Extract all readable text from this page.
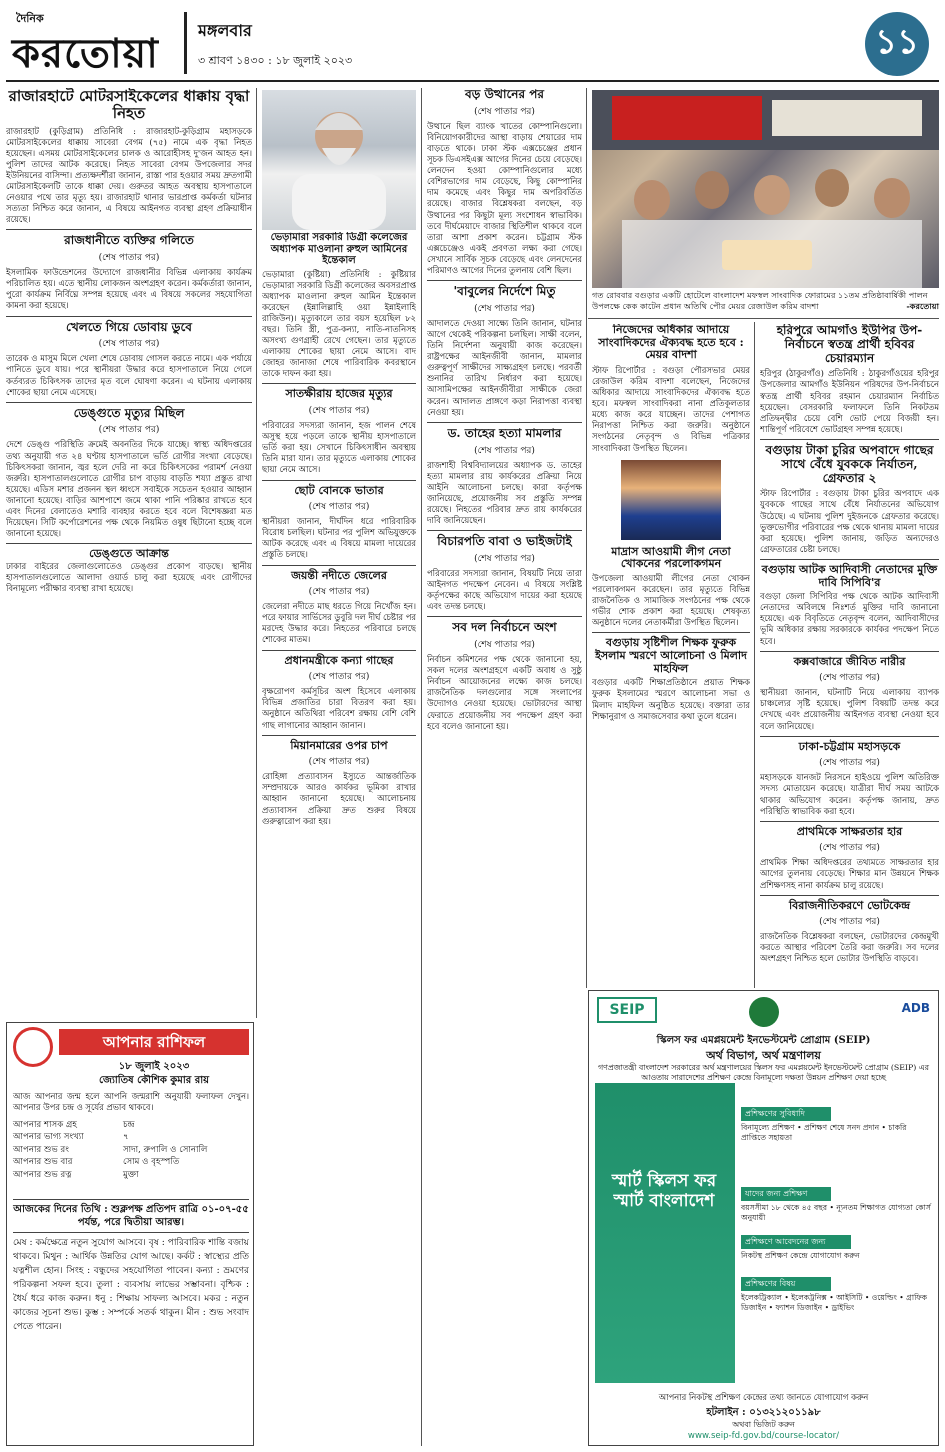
দৈনিক
করতোয়া
মঙ্গলবার
৩ শ্রাবণ ১৪৩০ : ১৮ জুলাই ২০২৩	১১
রাজারহাটে মোটরসাইকেলের ধাক্কায় বৃদ্ধা নিহত
রাজারহাট (কুড়িগ্রাম) প্রতিনিধি : রাজারহাট-কুড়িগ্রাম মহাসড়কে মোটরসাইকেলের ধাক্কায় সাবেরা বেগম (৭৫) নামে এক বৃদ্ধা নিহত হয়েছেন। এসময় মোটরসাইকেলের চালক ও আরোহীসহ দু'জন আহত হন। পুলিশ তাদের আটক করেছে। নিহত সাবেরা বেগম উপজেলার সদর ইউনিয়নের বাসিন্দা। প্রত্যক্ষদর্শীরা জানান, রাস্তা পার হওয়ার সময় দ্রুতগামী মোটরসাইকেলটি তাকে ধাক্কা দেয়। গুরুতর আহত অবস্থায় হাসপাতালে নেওয়ার পথে তার মৃত্যু হয়। রাজারহাট থানার ভারপ্রাপ্ত কর্মকর্তা ঘটনার সত্যতা নিশ্চিত করে জানান, এ বিষয়ে আইনগত ব্যবস্থা গ্রহণ প্রক্রিয়াধীন রয়েছে।
রাজধানীতে ব্যক্তির গলিতে
(শেষ পাতার পর)
ইসলামিক ফাউন্ডেশনের উদ্যোগে রাজধানীর বিভিন্ন এলাকায় কার্যক্রম পরিচালিত হয়। এতে স্থানীয় লোকজন অংশগ্রহণ করেন। কর্মকর্তারা জানান, পুরো কার্যক্রম নির্বিঘ্নে সম্পন্ন হয়েছে এবং এ বিষয়ে সকলের সহযোগিতা কামনা করা হয়েছে।
খেলতে গিয়ে ডোবায় ডুবে
(শেষ পাতার পর)
তারেক ও মাসুম মিলে খেলা শেষে ডোবায় গোসল করতে নামে। এক পর্যায়ে পানিতে ডুবে যায়। পরে স্থানীয়রা উদ্ধার করে হাসপাতালে নিয়ে গেলে কর্তব্যরত চিকিৎসক তাদের মৃত বলে ঘোষণা করেন। এ ঘটনায় এলাকায় শোকের ছায়া নেমে এসেছে।
ডেঙ্গুতে মৃত্যুর মিছিল
(শেষ পাতার পর)
দেশে ডেঙ্গু পরিস্থিতি ক্রমেই অবনতির দিকে যাচ্ছে। স্বাস্থ্য অধিদপ্তরের তথ্য অনুযায়ী গত ২৪ ঘণ্টায় হাসপাতালে ভর্তি রোগীর সংখ্যা বেড়েছে। চিকিৎসকরা জানান, জ্বর হলে দেরি না করে চিকিৎসকের পরামর্শ নেওয়া জরুরি। হাসপাতালগুলোতে রোগীর চাপ বাড়ায় বাড়তি শয্যা প্রস্তুত রাখা হয়েছে। এডিস মশার প্রজনন স্থল ধ্বংসে সবাইকে সচেতন হওয়ার আহ্বান জানানো হয়েছে। বাড়ির আশপাশে জমে থাকা পানি পরিষ্কার রাখতে হবে এবং দিনের বেলাতেও মশারি ব্যবহার করতে হবে বলে বিশেষজ্ঞরা মত দিয়েছেন। সিটি কর্পোরেশনের পক্ষ থেকে নিয়মিত ওষুধ ছিটানো হচ্ছে বলে জানানো হয়েছে।
ডেঙ্গুতে আক্রান্ত
ঢাকার বাইরের জেলাগুলোতেও ডেঙ্গুর প্রকোপ বাড়ছে। স্থানীয় হাসপাতালগুলোতে আলাদা ওয়ার্ড চালু করা হয়েছে এবং রোগীদের বিনামূল্যে পরীক্ষার ব্যবস্থা রাখা হয়েছে।
ভেড়ামারা সরকারি ডিগ্রী কলেজের অধ্যাপক মাওলানা রুহুল আমিনের ইন্তেকাল
ভেড়ামারা (কুষ্টিয়া) প্রতিনিধি : কুষ্টিয়ার ভেড়ামারা সরকারি ডিগ্রী কলেজের অবসরপ্রাপ্ত অধ্যাপক মাওলানা রুহুল আমিন ইন্তেকাল করেছেন (ইন্নালিল্লাহি ওয়া ইন্নাইলাহি রাজিউন)। মৃত্যুকালে তার বয়স হয়েছিল ৮২ বছর। তিনি স্ত্রী, পুত্র-কন্যা, নাতি-নাতনিসহ অসংখ্য গুণগ্রাহী রেখে গেছেন। তার মৃত্যুতে এলাকায় শোকের ছায়া নেমে আসে। বাদ জোহর জানাজা শেষে পারিবারিক কবরস্থানে তাকে দাফন করা হয়।
সাতক্ষীরায় হাজের মৃত্যুর
(শেষ পাতার পর)
পরিবারের সদস্যরা জানান, হজ পালন শেষে অসুস্থ হয়ে পড়লে তাকে স্থানীয় হাসপাতালে ভর্তি করা হয়। সেখানে চিকিৎসাধীন অবস্থায় তিনি মারা যান। তার মৃত্যুতে এলাকায় শোকের ছায়া নেমে আসে।
ছোট বোনকে ভাতার
(শেষ পাতার পর)
স্থানীয়রা জানান, দীর্ঘদিন ধরে পারিবারিক বিরোধ চলছিল। ঘটনার পর পুলিশ অভিযুক্তকে আটক করেছে এবং এ বিষয়ে মামলা দায়েরের প্রস্তুতি চলছে।
জয়ন্তী নদীতে জেলের
(শেষ পাতার পর)
জেলেরা নদীতে মাছ ধরতে গিয়ে নিখোঁজ হন। পরে ফায়ার সার্ভিসের ডুবুরি দল দীর্ঘ চেষ্টার পর মরদেহ উদ্ধার করে। নিহতের পরিবারে চলছে শোকের মাতম।
প্রধানমন্ত্রীকে কন্যা গাছের
(শেষ পাতার পর)
বৃক্ষরোপণ কর্মসূচির অংশ হিসেবে এলাকায় বিভিন্ন প্রজাতির চারা বিতরণ করা হয়। অনুষ্ঠানে অতিথিরা পরিবেশ রক্ষায় বেশি বেশি গাছ লাগানোর আহ্বান জানান।
মিয়ানমারের ওপর চাপ
(শেষ পাতার পর)
রোহিঙ্গা প্রত্যাবাসন ইস্যুতে আন্তর্জাতিক সম্প্রদায়কে আরও কার্যকর ভূমিকা রাখার আহ্বান জানানো হয়েছে। আলোচনায় প্রত্যাবাসন প্রক্রিয়া দ্রুত শুরুর বিষয়ে গুরুত্বারোপ করা হয়।
আপনার রাশিফল
১৮ জুলাই ২০২৩
জ্যোতিষ কৌশিক কুমার রায়
আজ আপনার জন্ম হলে আপনি জন্মরাশি অনুযায়ী ফলাফল দেখুন। আপনার উপর চন্দ্র ও সূর্যের প্রভাব থাকবে।
আপনার শাসক গ্রহ	চন্দ্র
আপনার ভাগ্য সংখ্যা	৭
আপনার শুভ রং	সাদা, রুপালি ও সোনালি
আপনার শুভ বার	সোম ও বৃহস্পতি
আপনার শুভ রত্ন	মুক্তা
আজকের দিনের তিথি : শুক্লপক্ষ প্রতিপদ রাত্রি ০১-০৭-৫৫ পর্যন্ত, পরে দ্বিতীয়া আরম্ভ।
মেষ : কর্মক্ষেত্রে নতুন সুযোগ আসবে। বৃষ : পারিবারিক শান্তি বজায় থাকবে। মিথুন : আর্থিক উন্নতির যোগ আছে। কর্কট : স্বাস্থ্যের প্রতি যত্নশীল হোন। সিংহ : বন্ধুদের সহযোগিতা পাবেন। কন্যা : ভ্রমণের পরিকল্পনা সফল হবে। তুলা : ব্যবসায় লাভের সম্ভাবনা। বৃশ্চিক : ধৈর্য ধরে কাজ করুন। ধনু : শিক্ষায় সাফল্য আসবে। মকর : নতুন কাজের সূচনা শুভ। কুম্ভ : সম্পর্কে সতর্ক থাকুন। মীন : শুভ সংবাদ পেতে পারেন।
বড় উত্থানের পর
(শেষ পাতার পর)
উত্থানে ছিল ব্যাংক খাতের কোম্পানিগুলো। বিনিয়োগকারীদের আস্থা বাড়ায় শেয়ারের দাম বাড়তে থাকে। ঢাকা স্টক এক্সচেঞ্জের প্রধান সূচক ডিএসইএক্স আগের দিনের চেয়ে বেড়েছে। লেনদেন হওয়া কোম্পানিগুলোর মধ্যে বেশিরভাগের দাম বেড়েছে, কিছু কোম্পানির দাম কমেছে এবং কিছুর দাম অপরিবর্তিত রয়েছে। বাজার বিশ্লেষকরা বলছেন, বড় উত্থানের পর কিছুটা মূল্য সংশোধন স্বাভাবিক। তবে দীর্ঘমেয়াদে বাজার স্থিতিশীল থাকবে বলে তারা আশা প্রকাশ করেন। চট্টগ্রাম স্টক এক্সচেঞ্জেও একই প্রবণতা লক্ষ্য করা গেছে। সেখানে সার্বিক সূচক বেড়েছে এবং লেনদেনের পরিমাণও আগের দিনের তুলনায় বেশি ছিল।
'বাবুলের নির্দেশে মিতু
(শেষ পাতার পর)
আদালতে দেওয়া সাক্ষ্যে তিনি জানান, ঘটনার আগে থেকেই পরিকল্পনা চলছিল। সাক্ষী বলেন, তিনি নির্দেশনা অনুযায়ী কাজ করেছেন। রাষ্ট্রপক্ষের আইনজীবী জানান, মামলার গুরুত্বপূর্ণ সাক্ষীদের সাক্ষ্যগ্রহণ চলছে। পরবর্তী শুনানির তারিখ নির্ধারণ করা হয়েছে। আসামিপক্ষের আইনজীবীরা সাক্ষীকে জেরা করেন। আদালত প্রাঙ্গণে কড়া নিরাপত্তা ব্যবস্থা নেওয়া হয়।
ড. তাহের হত্যা মামলার
(শেষ পাতার পর)
রাজশাহী বিশ্ববিদ্যালয়ের অধ্যাপক ড. তাহের হত্যা মামলার রায় কার্যকরের প্রক্রিয়া নিয়ে আইনি আলোচনা চলছে। কারা কর্তৃপক্ষ জানিয়েছে, প্রয়োজনীয় সব প্রস্তুতি সম্পন্ন রয়েছে। নিহতের পরিবার দ্রুত রায় কার্যকরের দাবি জানিয়েছেন।
বিচারপতি বাবা ও ভাইজটাই
(শেষ পাতার পর)
পরিবারের সদস্যরা জানান, বিষয়টি নিয়ে তারা আইনগত পদক্ষেপ নেবেন। এ বিষয়ে সংশ্লিষ্ট কর্তৃপক্ষের কাছে অভিযোগ দায়ের করা হয়েছে এবং তদন্ত চলছে।
সব দল নির্বাচনে অংশ
(শেষ পাতার পর)
নির্বাচন কমিশনের পক্ষ থেকে জানানো হয়, সকল দলের অংশগ্রহণে একটি অবাধ ও সুষ্ঠু নির্বাচন আয়োজনের লক্ষ্যে কাজ চলছে। রাজনৈতিক দলগুলোর সঙ্গে সংলাপের উদ্যোগও নেওয়া হয়েছে। ভোটারদের আস্থা ফেরাতে প্রয়োজনীয় সব পদক্ষেপ গ্রহণ করা হবে বলেও জানানো হয়।
গত রোববার বগুড়ার একটি হোটেলে বাংলাদেশ মফস্বল সাংবাদিক ফোরামের ১১তম প্রতিষ্ঠাবার্ষিকী পালন উপলক্ষে কেক কাটেন প্রধান অতিথি পৌর মেয়র রেজাউল করিম বাদশা	-করতোয়া
নিজেদের অধিকার আদায়ে সাংবাদিকদের ঐক্যবদ্ধ হতে হবে : মেয়র বাদশা
স্টাফ রিপোর্টার : বগুড়া পৌরসভার মেয়র রেজাউল করিম বাদশা বলেছেন, নিজেদের অধিকার আদায়ে সাংবাদিকদের ঐক্যবদ্ধ হতে হবে। মফস্বল সাংবাদিকরা নানা প্রতিকূলতার মধ্যে কাজ করে যাচ্ছেন। তাদের পেশাগত নিরাপত্তা নিশ্চিত করা জরুরি। অনুষ্ঠানে সংগঠনের নেতৃবৃন্দ ও বিভিন্ন পত্রিকার সাংবাদিকরা উপস্থিত ছিলেন।
মাদ্রাস আওয়ামী লীগ নেতা খোকনের পরলোকগমন
উপজেলা আওয়ামী লীগের নেতা খোকন পরলোকগমন করেছেন। তার মৃত্যুতে বিভিন্ন রাজনৈতিক ও সামাজিক সংগঠনের পক্ষ থেকে গভীর শোক প্রকাশ করা হয়েছে। শেষকৃত্য অনুষ্ঠানে দলের নেতাকর্মীরা উপস্থিত ছিলেন।
বগুড়ায় সৃষ্টিশীল শিক্ষক ফুরুক ইসলাম স্মরণে আলোচনা ও মিলাদ মাহফিল
বগুড়ার একটি শিক্ষাপ্রতিষ্ঠানে প্রয়াত শিক্ষক ফুরুক ইসলামের স্মরণে আলোচনা সভা ও মিলাদ মাহফিল অনুষ্ঠিত হয়েছে। বক্তারা তার শিক্ষানুরাগ ও সমাজসেবার কথা তুলে ধরেন।
হরিপুরে আমগাঁও ইউপির উপ-নির্বাচনে স্বতন্ত্র প্রার্থী হবিবর চেয়ারম্যান
হরিপুর (ঠাকুরগাঁও) প্রতিনিধি : ঠাকুরগাঁওয়ের হরিপুর উপজেলার আমগাঁও ইউনিয়ন পরিষদের উপ-নির্বাচনে স্বতন্ত্র প্রার্থী হবিবর রহমান চেয়ারম্যান নির্বাচিত হয়েছেন। বেসরকারি ফলাফলে তিনি নিকটতম প্রতিদ্বন্দ্বীর চেয়ে বেশি ভোট পেয়ে বিজয়ী হন। শান্তিপূর্ণ পরিবেশে ভোটগ্রহণ সম্পন্ন হয়েছে।
বগুড়ায় টাকা চুরির অপবাদে গাছের সাথে বেঁধে যুবককে নির্যাতন, গ্রেফতার ২
স্টাফ রিপোর্টার : বগুড়ায় টাকা চুরির অপবাদে এক যুবককে গাছের সাথে বেঁধে নির্যাতনের অভিযোগ উঠেছে। এ ঘটনায় পুলিশ দুইজনকে গ্রেফতার করেছে। ভুক্তভোগীর পরিবারের পক্ষ থেকে থানায় মামলা দায়ের করা হয়েছে। পুলিশ জানায়, জড়িত অন্যদেরও গ্রেফতারের চেষ্টা চলছে।
বগুড়ায় আটক আদিবাসী নেতাদের মুক্তি দাবি সিপিবি'র
বগুড়া জেলা সিপিবির পক্ষ থেকে আটক আদিবাসী নেতাদের অবিলম্বে নিঃশর্ত মুক্তির দাবি জানানো হয়েছে। এক বিবৃতিতে নেতৃবৃন্দ বলেন, আদিবাসীদের ভূমি অধিকার রক্ষায় সরকারকে কার্যকর পদক্ষেপ নিতে হবে।
কক্সবাজারে জীবিত নারীর
(শেষ পাতার পর)
স্থানীয়রা জানান, ঘটনাটি নিয়ে এলাকায় ব্যাপক চাঞ্চল্যের সৃষ্টি হয়েছে। পুলিশ বিষয়টি তদন্ত করে দেখছে এবং প্রয়োজনীয় আইনগত ব্যবস্থা নেওয়া হবে বলে জানিয়েছে।
ঢাকা-চট্টগ্রাম মহাসড়কে
(শেষ পাতার পর)
মহাসড়কে যানজট নিরসনে হাইওয়ে পুলিশ অতিরিক্ত সদস্য মোতায়েন করেছে। যাত্রীরা দীর্ঘ সময় আটকে থাকার অভিযোগ করেন। কর্তৃপক্ষ জানায়, দ্রুত পরিস্থিতি স্বাভাবিক করা হবে।
প্রাথমিকে সাক্ষরতার হার
(শেষ পাতার পর)
প্রাথমিক শিক্ষা অধিদপ্তরের তথ্যমতে সাক্ষরতার হার আগের তুলনায় বেড়েছে। শিক্ষার মান উন্নয়নে শিক্ষক প্রশিক্ষণসহ নানা কার্যক্রম চালু রয়েছে।
বিরাজনীতিকরণে ভোটকেন্দ্র
(শেষ পাতার পর)
রাজনৈতিক বিশ্লেষকরা বলছেন, ভোটারদের কেন্দ্রমুখী করতে আস্থার পরিবেশ তৈরি করা জরুরি। সব দলের অংশগ্রহণ নিশ্চিত হলে ভোটার উপস্থিতি বাড়বে।
SEIP	ADB
স্কিলস ফর এমপ্লয়মেন্ট ইনভেস্টমেন্ট প্রোগ্রাম (SEIP)
অর্থ বিভাগ, অর্থ মন্ত্রণালয়
গণপ্রজাতন্ত্রী বাংলাদেশ সরকারের অর্থ মন্ত্রণালয়ের স্কিলস ফর এমপ্লয়মেন্ট ইনভেস্টমেন্ট প্রোগ্রাম (SEIP) এর আওতায় সারাদেশের প্রশিক্ষণ কেন্দ্রে বিনামূল্যে দক্ষতা উন্নয়ন প্রশিক্ষণ দেয়া হচ্ছে
স্মার্ট স্কিলস ফর স্মার্ট বাংলাদেশ
প্রশিক্ষণের সুবিধাদি
বিনামূল্যে প্রশিক্ষণ • প্রশিক্ষণ শেষে সনদ প্রদান • চাকরি প্রাপ্তিতে সহায়তা
যাদের জন্য প্রশিক্ষণ
বয়সসীমা ১৮ থেকে ৪৫ বছর • ন্যূনতম শিক্ষাগত যোগ্যতা কোর্স অনুযায়ী
প্রশিক্ষণে আবেদনের জন্য
নিকটস্থ প্রশিক্ষণ কেন্দ্রে যোগাযোগ করুন
প্রশিক্ষণের বিষয়
ইলেকট্রিক্যাল • ইলেকট্রনিক্স • আইসিটি • ওয়েল্ডিং • গ্রাফিক ডিজাইন • ফ্যাশন ডিজাইন • ড্রাইভিং
আপনার নিকটস্থ প্রশিক্ষণ কেন্দ্রের তথ্য জানতে যোগাযোগ করুন
হটলাইন : ০১৩২১২০১১৯৮
অথবা ভিজিট করুন
www.seip-fd.gov.bd/course-locator/
